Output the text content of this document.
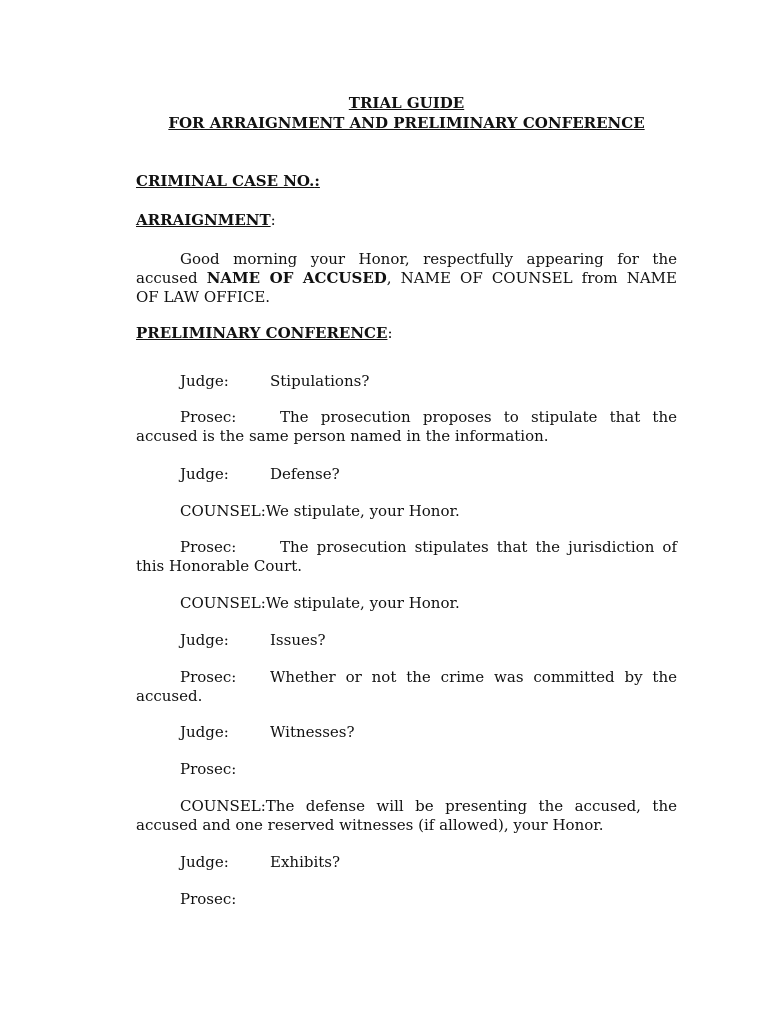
TRIAL GUIDE
FOR ARRAIGNMENT AND PRELIMINARY CONFERENCE
CRIMINAL CASE NO.:
ARRAIGNMENT:
Good morning your Honor, respectfully appearing for the
accused NAME OF ACCUSED, NAME OF COUNSEL from NAME
OF LAW OFFICE.
PRELIMINARY CONFERENCE:
Judge:	Stipulations?
Prosec:	The prosecution proposes to stipulate that the
accused is the same person named in the information.
Judge:	Defense?
COUNSEL:We stipulate, your Honor.
Prosec:	The prosecution stipulates that the jurisdiction of
this Honorable Court.
COUNSEL:We stipulate, your Honor.
Judge:	Issues?
Prosec: Whether or not the crime was committed by the
accused.
Judge:	Witnesses?
Prosec:
COUNSEL:The defense will be presenting the accused, the
accused and one reserved witnesses (if allowed), your Honor.
Judge:	Exhibits?
Prosec:
